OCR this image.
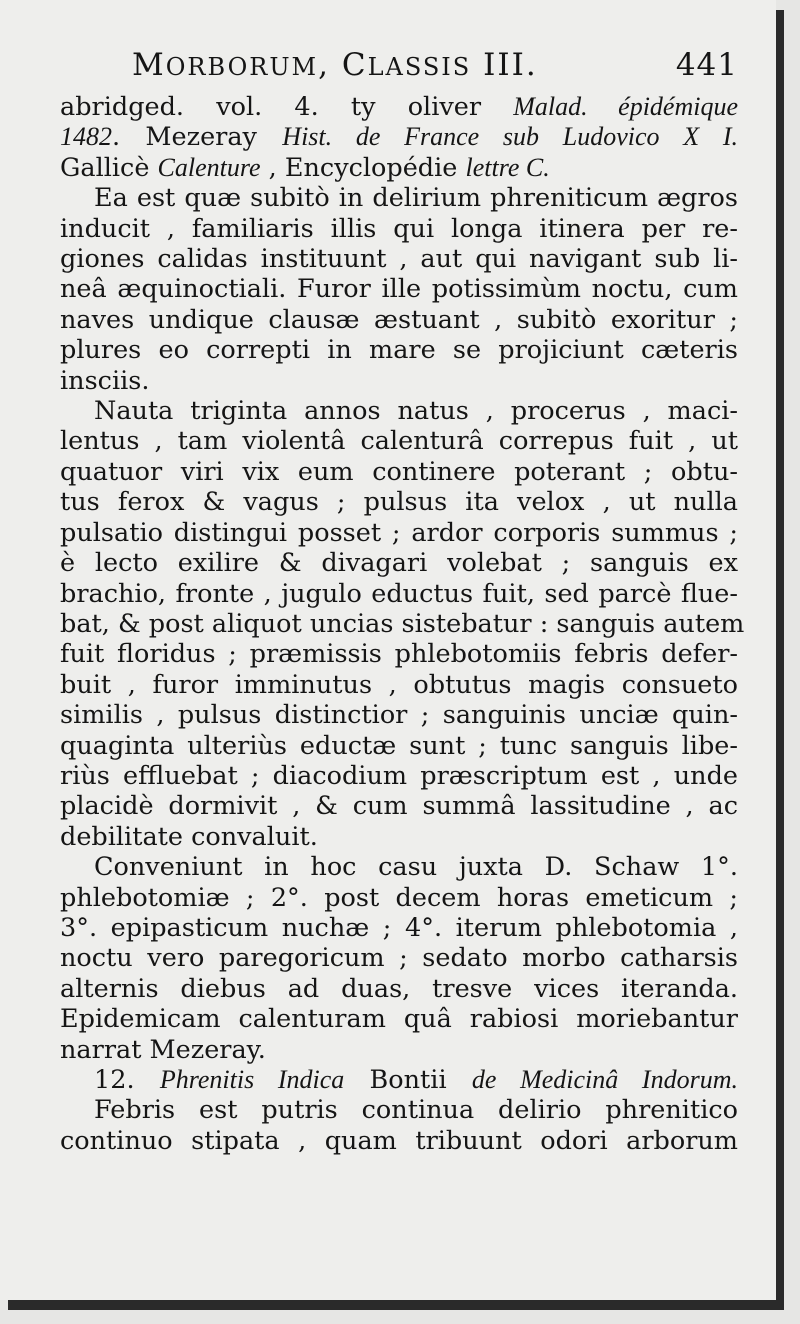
MORBORUM, CLASSIS III.	441
abridged. vol. 4. ty oliver Malad. épidémique
1482. Mezeray Hist. de France sub Ludovico X I.
Gallicè Calenture , Encyclopédie lettre C.
Ea est quæ subitò in delirium phreniticum ægros
inducit , familiaris illis qui longa itinera per re-
giones calidas instituunt , aut qui navigant sub li-
neâ æquinoctiali. Furor ille potissimùm noctu, cum
naves undique clausæ æstuant , subitò exoritur ;
plures eo correpti in mare se projiciunt cæteris
insciis.
Nauta triginta annos natus , procerus , maci-
lentus , tam violentâ calenturâ correpus fuit , ut
quatuor viri vix eum continere poterant ; obtu-
tus ferox & vagus ; pulsus ita velox , ut nulla
pulsatio distingui posset ; ardor corporis summus ;
è lecto exilire & divagari volebat ; sanguis ex
brachio, fronte , jugulo eductus fuit, sed parcè flue-
bat, & post aliquot uncias sistebatur : sanguis autem
fuit floridus ; præmissis phlebotomiis febris defer-
buit , furor imminutus , obtutus magis consueto
similis , pulsus distinctior ; sanguinis unciæ quin-
quaginta ulteriùs eductæ sunt ; tunc sanguis libe-
riùs effluebat ; diacodium præscriptum est , unde
placidè dormivit , & cum summâ lassitudine , ac
debilitate convaluit.
Conveniunt in hoc casu juxta D. Schaw 1°.
phlebotomiæ ; 2°. post decem horas emeticum ;
3°. epipasticum nuchæ ; 4°. iterum phlebotomia ,
noctu vero paregoricum ; sedato morbo catharsis
alternis diebus ad duas, tresve vices iteranda.
Epidemicam calenturam quâ rabiosi moriebantur
narrat Mezeray.
12. Phrenitis Indica Bontii de Medicinâ Indorum.
Febris est putris continua delirio phrenitico
continuo stipata , quam tribuunt odori arborum
